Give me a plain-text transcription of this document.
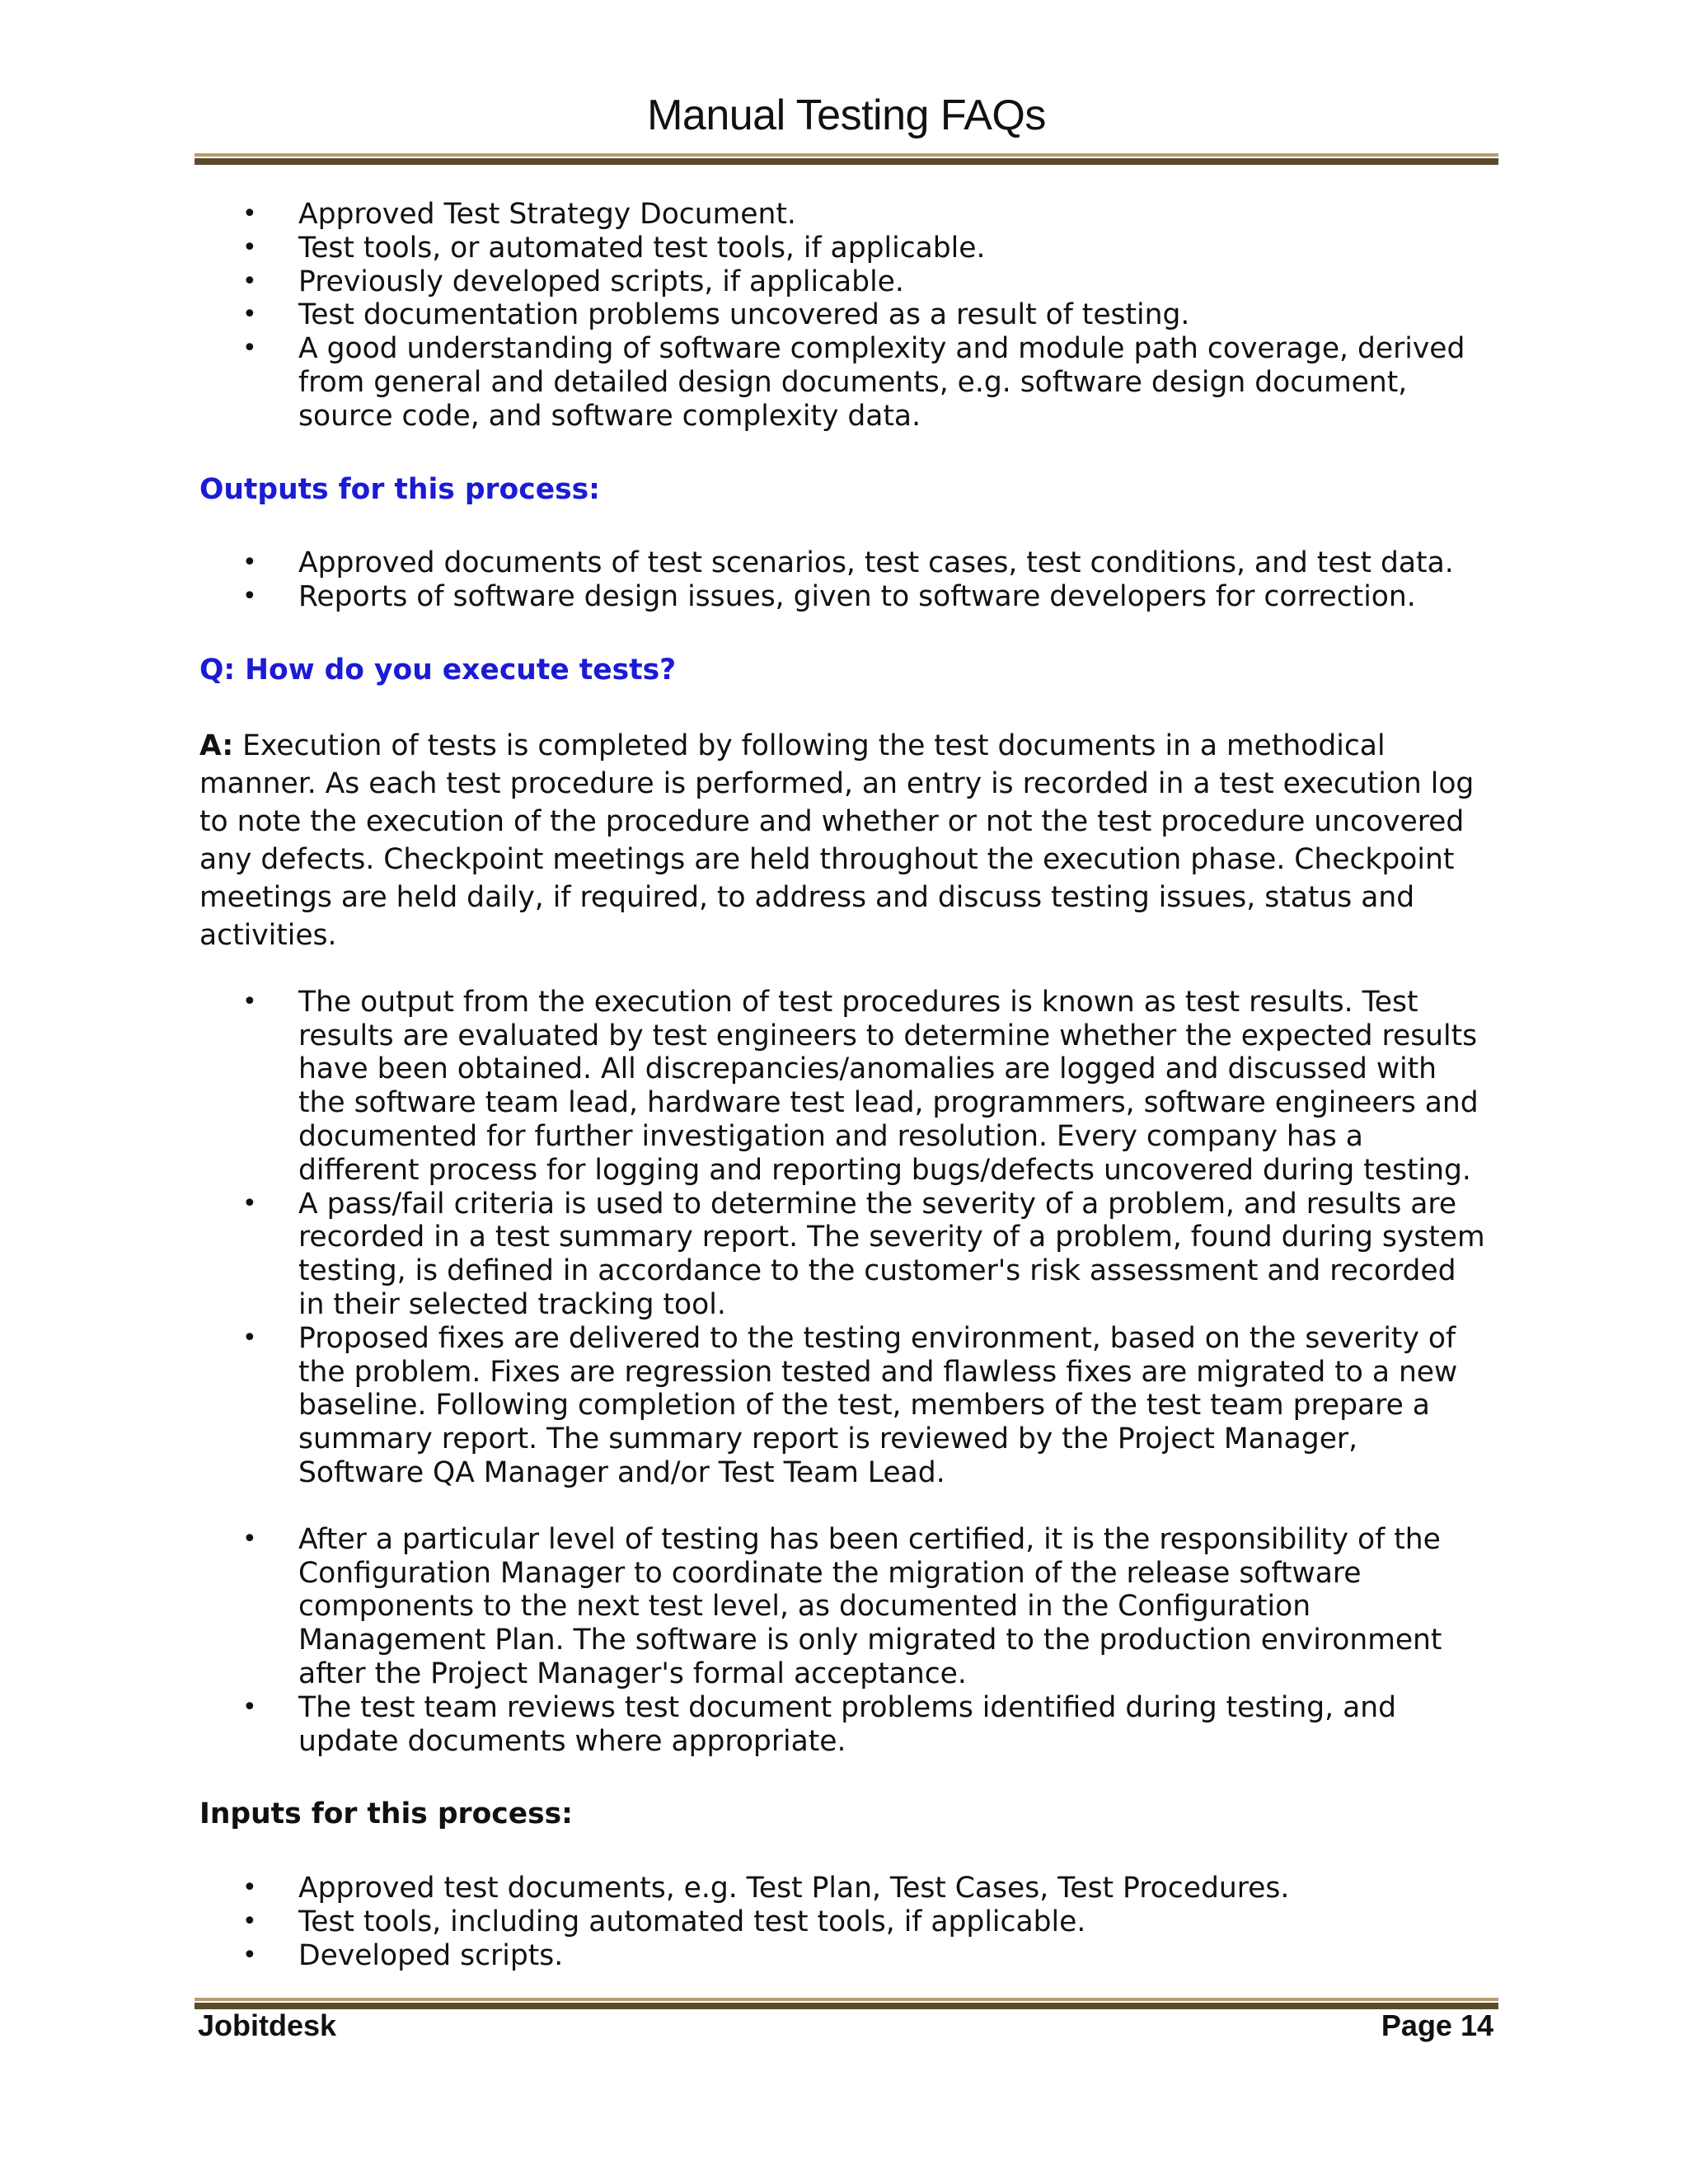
Manual Testing FAQs
• Approved Test Strategy Document.
• Test tools, or automated test tools, if applicable.
• Previously developed scripts, if applicable.
• Test documentation problems uncovered as a result of testing.
• A good understanding of software complexity and module path coverage, derived from general and detailed design documents, e.g. software design document, source code, and software complexity data.
Outputs for this process:
• Approved documents of test scenarios, test cases, test conditions, and test data.
• Reports of software design issues, given to software developers for correction.
Q: How do you execute tests?
A: Execution of tests is completed by following the test documents in a methodical manner. As each test procedure is performed, an entry is recorded in a test execution log to note the execution of the procedure and whether or not the test procedure uncovered any defects. Checkpoint meetings are held throughout the execution phase. Checkpoint meetings are held daily, if required, to address and discuss testing issues, status and activities.
• The output from the execution of test procedures is known as test results. Test results are evaluated by test engineers to determine whether the expected results have been obtained. All discrepancies/anomalies are logged and discussed with the software team lead, hardware test lead, programmers, software engineers and documented for further investigation and resolution. Every company has a different process for logging and reporting bugs/defects uncovered during testing.
• A pass/fail criteria is used to determine the severity of a problem, and results are recorded in a test summary report. The severity of a problem, found during system testing, is defined in accordance to the customer's risk assessment and recorded in their selected tracking tool.
• Proposed fixes are delivered to the testing environment, based on the severity of the problem. Fixes are regression tested and flawless fixes are migrated to a new baseline. Following completion of the test, members of the test team prepare a summary report. The summary report is reviewed by the Project Manager, Software QA Manager and/or Test Team Lead.
• After a particular level of testing has been certified, it is the responsibility of the Configuration Manager to coordinate the migration of the release software components to the next test level, as documented in the Configuration Management Plan. The software is only migrated to the production environment after the Project Manager's formal acceptance.
• The test team reviews test document problems identified during testing, and update documents where appropriate.
Inputs for this process:
• Approved test documents, e.g. Test Plan, Test Cases, Test Procedures.
• Test tools, including automated test tools, if applicable.
• Developed scripts.
Jobitdesk	Page 14
